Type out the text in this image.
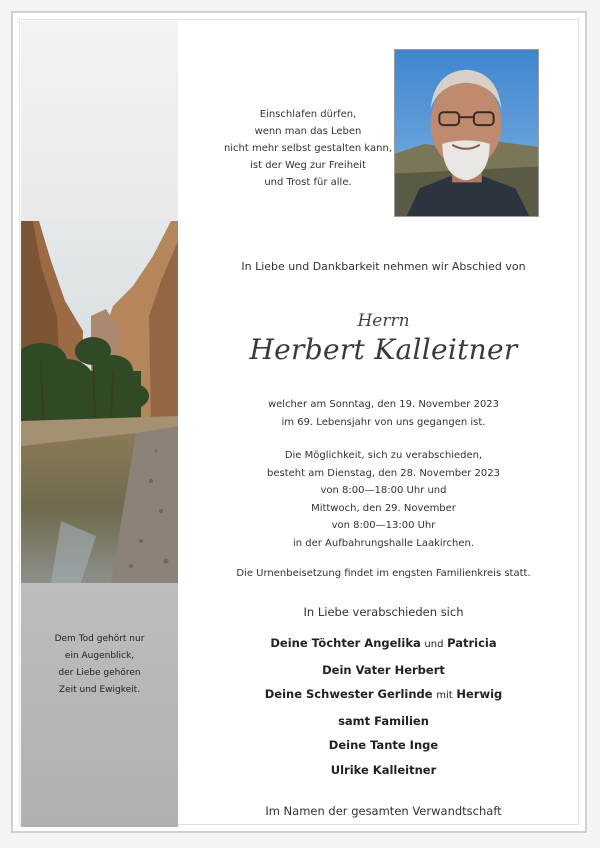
Dem Tod gehört nur
ein Augenblick,
der Liebe gehören
Zeit und Ewigkeit.
Einschlafen dürfen,
wenn man das Leben
nicht mehr selbst gestalten kann,
ist der Weg zur Freiheit
und Trost für alle.
In Liebe und Dankbarkeit nehmen wir Abschied von
Herrn
Herbert Kalleitner
welcher am Sonntag, den 19. November 2023
im 69. Lebensjahr von uns gegangen ist.
Die Möglichkeit, sich zu verabschieden,
besteht am Dienstag, den 28. November 2023
von 8:00—18:00 Uhr und
Mittwoch, den 29. November
von 8:00—13:00 Uhr
in der Aufbahrungshalle Laakirchen.
Die Urnenbeisetzung findet im engsten Familienkreis statt.
In Liebe verabschieden sich
Deine Töchter Angelika und Patricia
Dein Vater Herbert
Deine Schwester Gerlinde mit Herwig
samt Familien
Deine Tante Inge
Ulrike Kalleitner
Im Namen der gesamten Verwandtschaft
